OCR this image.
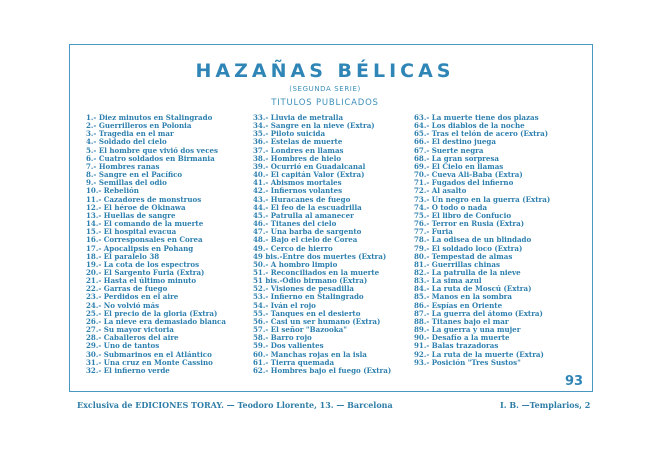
HAZAÑAS BÉLICAS
(SEGUNDA SERIE)
TITULOS PUBLICADOS
1.- Diez minutos en Stalingrado
2.- Guerrilleros en Polonia
3.- Tragedia en el mar
4.- Soldado del cielo
5.- El hombre que vivió dos veces
6.- Cuatro soldados en Birmania
7.- Hombres ranas
8.- Sangre en el Pacífico
9.- Semillas del odio
10.- Rebelión
11.- Cazadores de monstruos
12.- El héroe de Okinawa
13.- Huellas de sangre
14.- El comando de la muerte
15.- El hospital evacua
16.- Corresponsales en Corea
17.- Apocalipsis en Pohang
18.- El paralelo 38
19.- La cota de los espectros
20.- El Sargento Furia (Extra)
21.- Hasta el último minuto
22.- Garras de fuego
23.- Perdidos en el aire
24.- No volvió más
25.- El precio de la gloria (Extra)
26.- La nieve era demasiado blanca
27.- Su mayor victoria
28.- Caballeros del aire
29.- Uno de tantos
30.- Submarinos en el Atlántico
31.- Una cruz en Monte Cassino
32.- El infierno verde
33.- Lluvia de metralla
34.- Sangre en la nieve (Extra)
35.- Piloto suicida
36.- Estelas de muerte
37.- Londres en llamas
38.- Hombres de hielo
39.- Ocurrió en Guadalcanal
40.- El capitán Valor (Extra)
41.- Abismos mortales
42.- Infiernos volantes
43.- Huracanes de fuego
44.- El feo de la escuadrilla
45.- Patrulla al amanecer
46.- Titanes del cielo
47.- Una barba de sargento
48.- Bajo el cielo de Corea
49.- Cerco de hierro
49 bis.-Entre dos muertes (Extra)
50.- A hombro limpio
51.- Reconciliados en la muerte
51 bis.-Odio birmano (Extra)
52.- Visiones de pesadilla
53.- Infierno en Stalingrado
54.- Iván el rojo
55.- Tanques en el desierto
56.- Casi un ser humano (Extra)
57.- El señor "Bazooka"
58.- Barro rojo
59.- Dos valientes
60.- Manchas rojas en la isla
61.- Tierra quemada
62.- Hombres bajo el fuego (Extra)
63.- La muerte tiene dos plazas
64.- Los diablos de la noche
65.- Tras el telón de acero (Extra)
66.- El destino juega
67.- Suerte negra
68.- La gran sorpresa
69.- El Cielo en llamas
70.- Cueva Ali-Baba (Extra)
71.- Fugados del infierno
72.- Al asalto
73.- Un negro en la guerra (Extra)
74.- O todo o nada
75.- El libro de Confucio
76.- Terror en Rusia (Extra)
77.- Furia
78.- La odisea de un blindado
79.- El soldado loco (Extra)
80.- Tempestad de almas
81.- Guerrillas chinas
82.- La patrulla de la nieve
83.- La sima azul
84.- La ruta de Moscú (Extra)
85.- Manos en la sombra
86.- Espías en Oriente
87.- La guerra del átomo (Extra)
88.- Titanes bajo el mar
89.- La guerra y una mujer
90.- Desafío a la muerte
91.- Balas trazadoras
92.- La ruta de la muerte (Extra)
93.- Posición "Tres Sustos"
93
Exclusiva de EDICIONES TORAY. — Teodoro Llorente, 13. — Barcelona	I. B. —Templarios, 2
